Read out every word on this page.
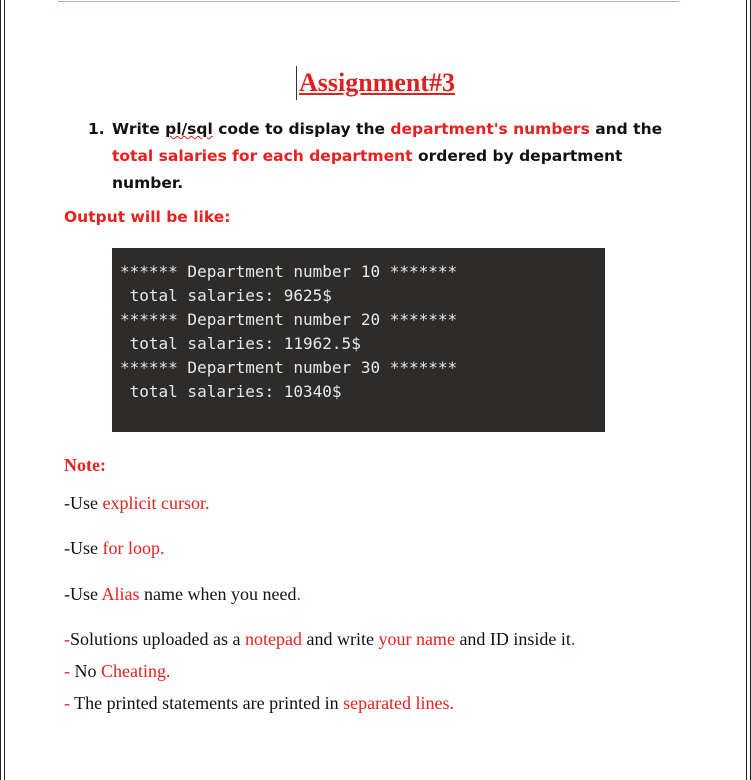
Assignment#3
1. Write pl/sql code to display the department's numbers and the total salaries for each department ordered by department number.
Output will be like:
****** Department number 10 *******
total salaries: 9625$
****** Department number 20 *******
total salaries: 11962.5$
****** Department number 30 *******
total salaries: 10340$
Note:
-Use explicit cursor.
-Use for loop.
-Use Alias name when you need.
-Solutions uploaded as a notepad and write your name and ID inside it.
- No Cheating.
- The printed statements are printed in separated lines.
